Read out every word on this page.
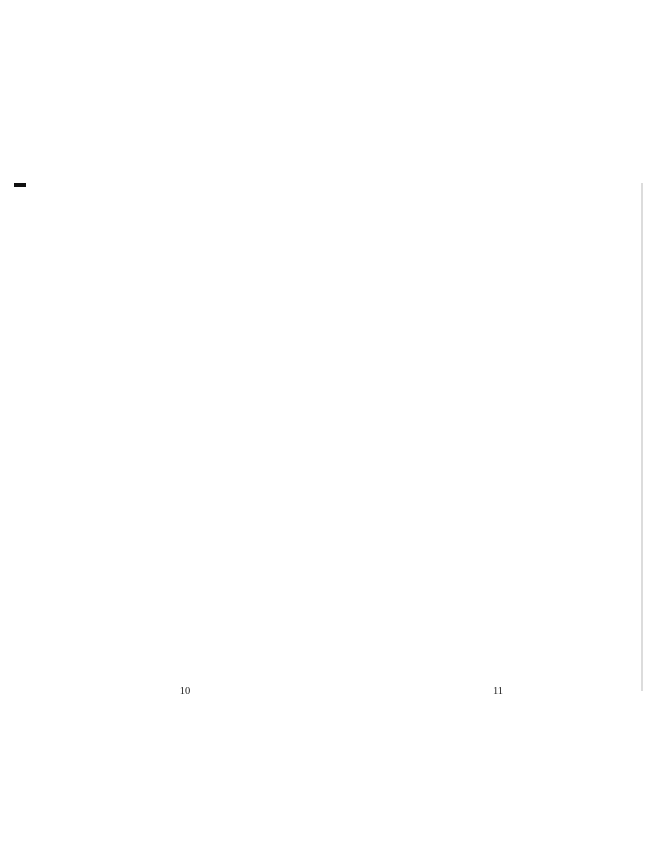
10	11
